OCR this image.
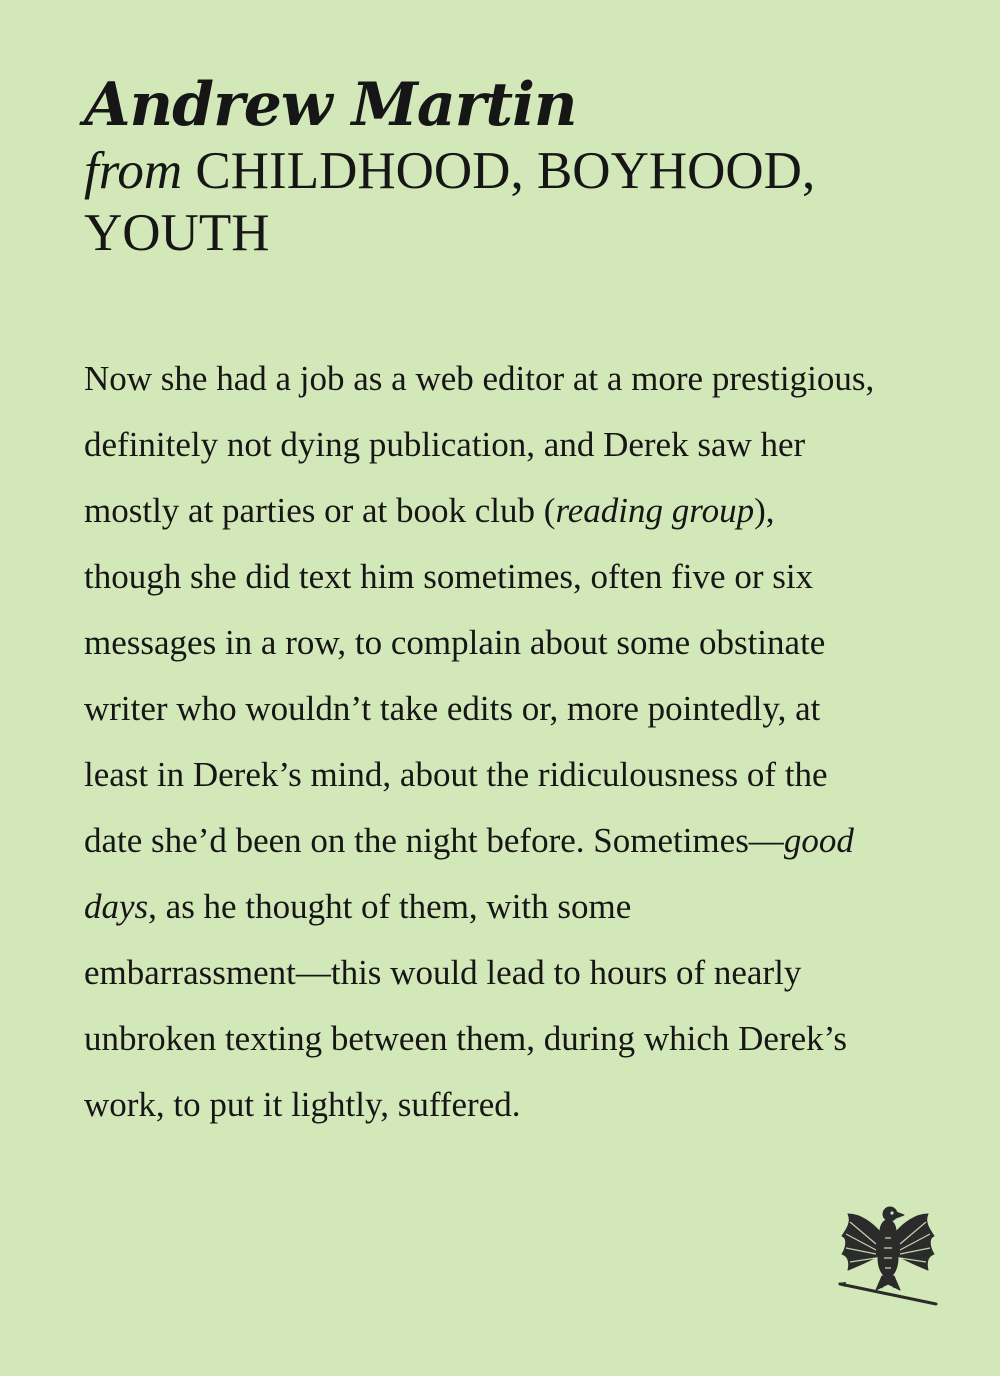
Andrew Martin
from CHILDHOOD, BOYHOOD,
YOUTH
Now she had a job as a web editor at a more prestigious,
definitely not dying publication, and Derek saw her
mostly at parties or at book club (reading group),
though she did text him sometimes, often five or six
messages in a row, to complain about some obstinate
writer who wouldn’t take edits or, more pointedly, at
least in Derek’s mind, about the ridiculousness of the
date she’d been on the night before. Sometimes—good
days, as he thought of them, with some
embarrassment—this would lead to hours of nearly
unbroken texting between them, during which Derek’s
work, to put it lightly, suffered.
